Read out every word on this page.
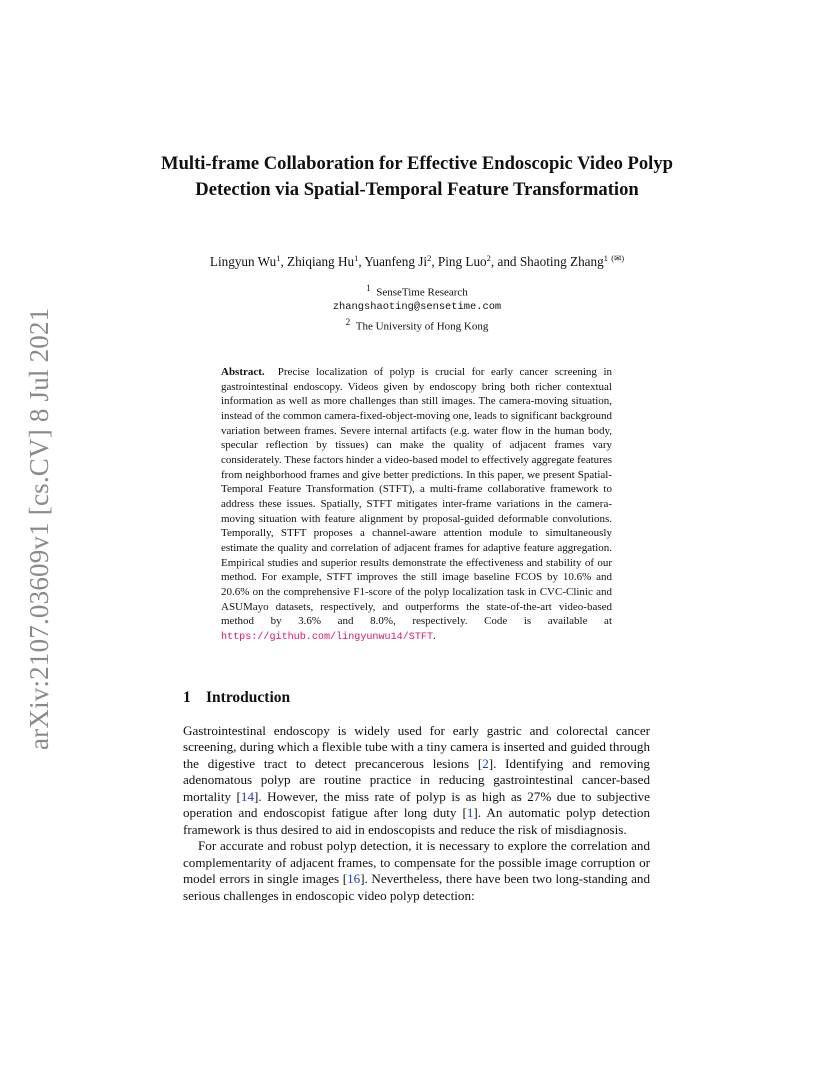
arXiv:2107.03609v1 [cs.CV] 8 Jul 2021
Multi-frame Collaboration for Effective Endoscopic Video Polyp Detection via Spatial-Temporal Feature Transformation
Lingyun Wu$^1$, Zhiqiang Hu$^1$, Yuanfeng Ji$^2$, Ping Luo$^2$, and Shaoting Zhang$^1$ (✉)
$^1$ SenseTime Research
zhangshaoting@sensetime.com
$^2$ The University of Hong Kong

Abstract. Precise localization of polyp is crucial for early cancer screening in gastrointestinal endoscopy. Videos given by endoscopy bring both richer contextual information as well as more challenges than still images. The camera-moving situation, instead of the common camera-fixed-object-moving one, leads to significant background variation between frames. Severe internal artifacts (e.g. water flow in the human body, specular reflection by tissues) can make the quality of adjacent frames vary considerately. These factors hinder a video-based model to effectively aggregate features from neighborhood frames and give better predictions. In this paper, we present Spatial-Temporal Feature Transformation (STFT), a multi-frame collaborative framework to address these issues. Spatially, STFT mitigates inter-frame variations in the camera-moving situation with feature alignment by proposal-guided deformable convolutions. Temporally, STFT proposes a channel-aware attention module to simultaneously estimate the quality and correlation of adjacent frames for adaptive feature aggregation. Empirical studies and superior results demonstrate the effectiveness and stability of our method. For example, STFT improves the still image baseline FCOS by 10.6% and 20.6% on the comprehensive F1-score of the polyp localization task in CVC-Clinic and ASUMayo datasets, respectively, and outperforms the state-of-the-art video-based method by 3.6% and 8.0%, respectively. Code is available at https://github.com/lingyunwu14/STFT.

1 Introduction

Gastrointestinal endoscopy is widely used for early gastric and colorectal cancer screening, during which a flexible tube with a tiny camera is inserted and guided through the digestive tract to detect precancerous lesions [2]. Identifying and removing adenomatous polyp are routine practice in reducing gastrointestinal cancer-based mortality [14]. However, the miss rate of polyp is as high as 27% due to subjective operation and endoscopist fatigue after long duty [1]. An automatic polyp detection framework is thus desired to aid in endoscopists and reduce the risk of misdiagnosis.

For accurate and robust polyp detection, it is necessary to explore the correlation and complementarity of adjacent frames, to compensate for the possible image corruption or model errors in single images [16]. Nevertheless, there have been two long-standing and serious challenges in endoscopic video polyp detection:
